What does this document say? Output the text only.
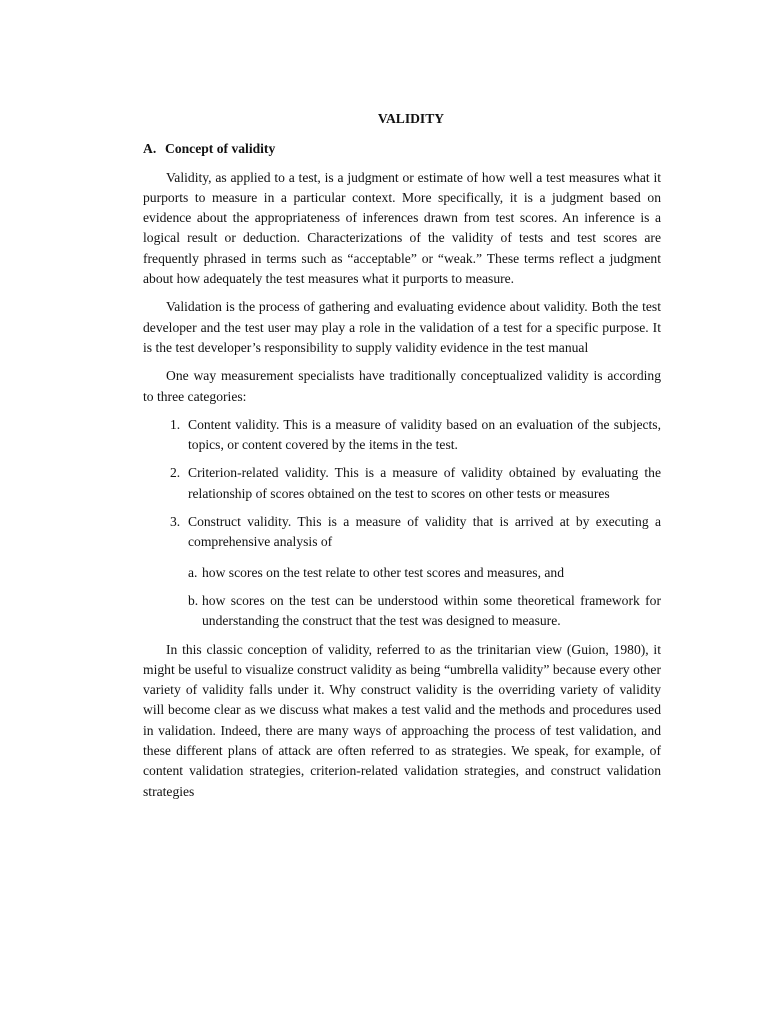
VALIDITY
A. Concept of validity

Validity, as applied to a test, is a judgment or estimate of how well a test measures what it purports to measure in a particular context. More specifically, it is a judgment based on evidence about the appropriateness of inferences drawn from test scores. An inference is a logical result or deduction. Characterizations of the validity of tests and test scores are frequently phrased in terms such as “acceptable” or “weak.” These terms reflect a judgment about how adequately the test measures what it purports to measure.

Validation is the process of gathering and evaluating evidence about validity. Both the test developer and the test user may play a role in the validation of a test for a specific purpose. It is the test developer’s responsibility to supply validity evidence in the test manual

One way measurement specialists have traditionally conceptualized validity is according to three categories:

1. Content validity. This is a measure of validity based on an evaluation of the subjects, topics, or content covered by the items in the test.
2. Criterion-related validity. This is a measure of validity obtained by evaluating the relationship of scores obtained on the test to scores on other tests or measures
3. Construct validity. This is a measure of validity that is arrived at by executing a comprehensive analysis of
a. how scores on the test relate to other test scores and measures, and
b. how scores on the test can be understood within some theoretical framework for understanding the construct that the test was designed to measure.

In this classic conception of validity, referred to as the trinitarian view (Guion, 1980), it might be useful to visualize construct validity as being “umbrella validity” because every other variety of validity falls under it. Why construct validity is the overriding variety of validity will become clear as we discuss what makes a test valid and the methods and procedures used in validation. Indeed, there are many ways of approaching the process of test validation, and these different plans of attack are often referred to as strategies. We speak, for example, of content validation strategies, criterion-related validation strategies, and construct validation strategies
